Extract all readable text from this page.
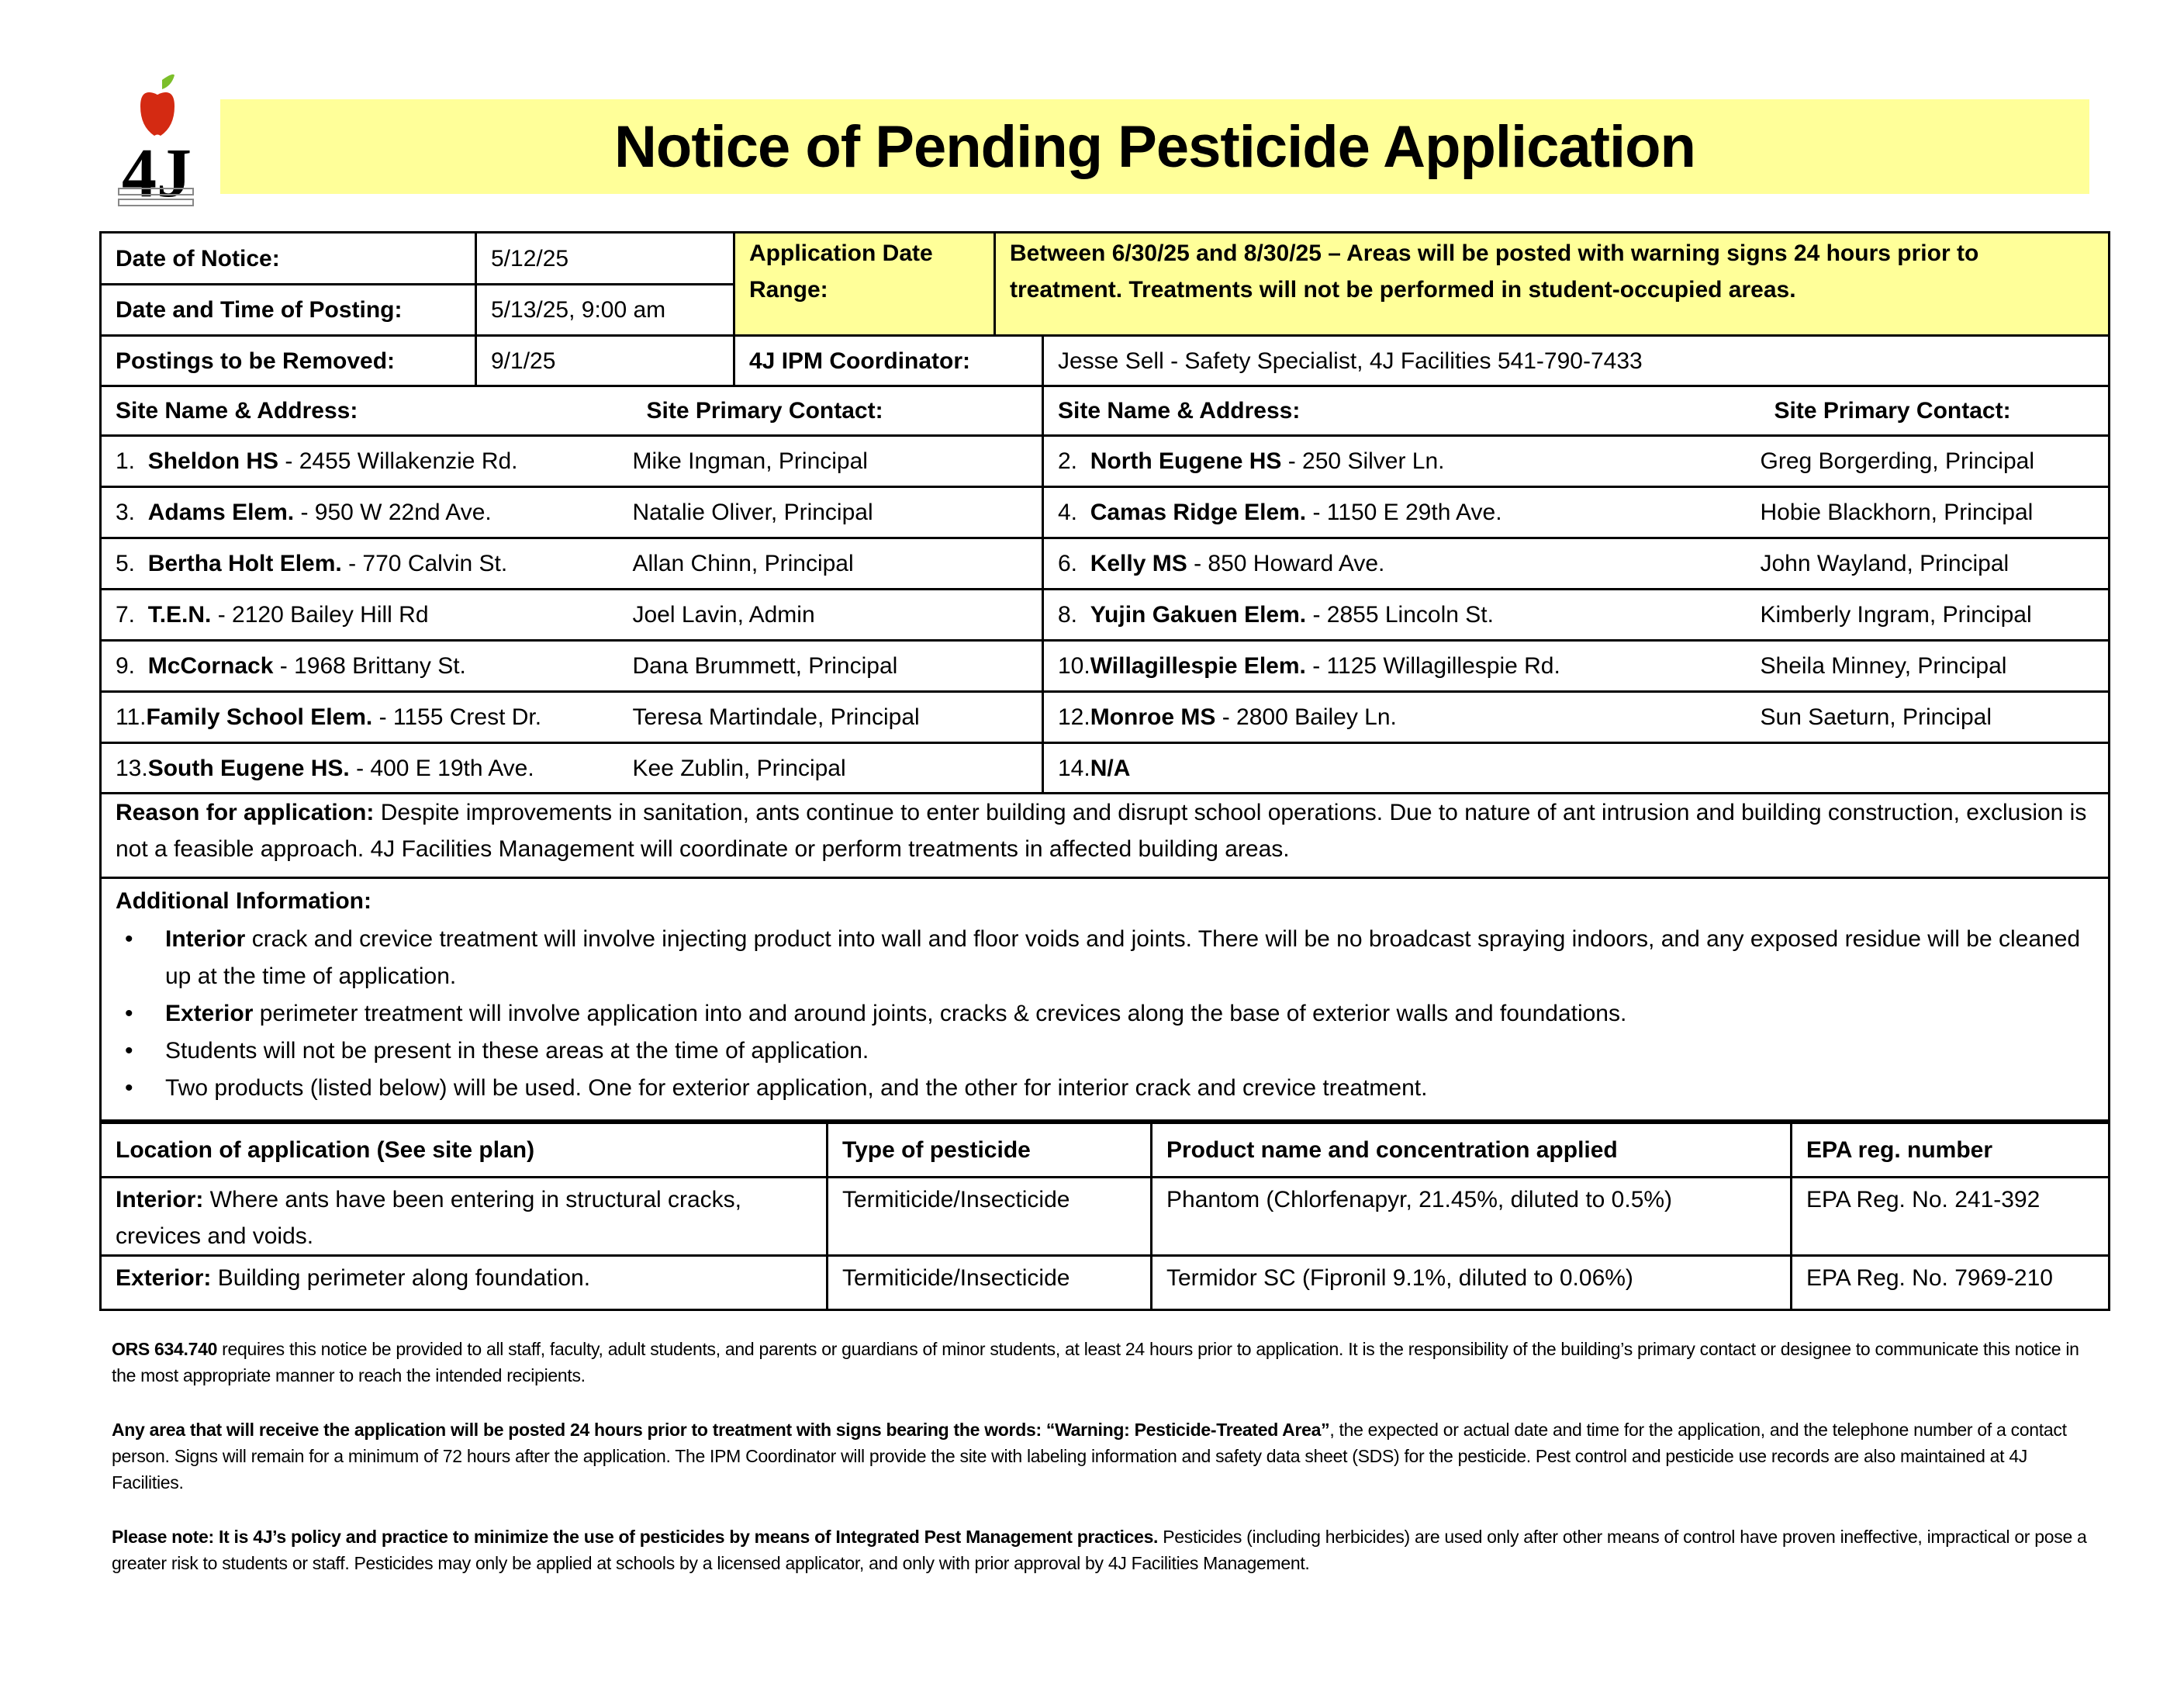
4J	Notice of Pending Pesticide Application
Date of Notice:	5/12/25	Application Date Range:	Between 6/30/25 and 8/30/25 – Areas will be posted with warning signs 24 hours prior to treatment. Treatments will not be performed in student-occupied areas.
Date and Time of Posting:	5/13/25, 9:00 am		
Postings to be Removed:	9/1/25	4J IPM Coordinator:	Jesse Sell - Safety Specialist, 4J Facilities 541-790-7433
Site Name & Address:	Site Primary Contact:	Site Name & Address:	Site Primary Contact:
1.  Sheldon HS - 2455 Willakenzie Rd.	Mike Ingman, Principal	2.  North Eugene HS - 250 Silver Ln.	Greg Borgerding, Principal
3.  Adams Elem. - 950 W 22nd Ave.	Natalie Oliver, Principal	4.  Camas Ridge Elem. - 1150 E 29th Ave.	Hobie Blackhorn, Principal
5.  Bertha Holt Elem. - 770 Calvin St.	Allan Chinn, Principal	6.  Kelly MS - 850 Howard Ave.	John Wayland, Principal
7.  T.E.N. - 2120 Bailey Hill Rd	Joel Lavin, Admin	8.  Yujin Gakuen Elem. - 2855 Lincoln St.	Kimberly Ingram, Principal
9.  McCornack - 1968 Brittany St.	Dana Brummett, Principal	10.Willagillespie Elem. - 1125 Willagillespie Rd.	Sheila Minney, Principal
11.Family School Elem. - 1155 Crest Dr.	Teresa Martindale, Principal	12.Monroe MS - 2800 Bailey Ln.	Sun Saeturn, Principal
13.South Eugene HS. - 400 E 19th Ave.	Kee Zublin, Principal	14.N/A	
Reason for application: Despite improvements in sanitation, ants continue to enter building and disrupt school operations. Due to nature of ant intrusion and building construction, exclusion is not a feasible approach. 4J Facilities Management will coordinate or perform treatments in affected building areas.
Additional Information:
• Interior crack and crevice treatment will involve injecting product into wall and floor voids and joints. There will be no broadcast spraying indoors, and any exposed residue will be cleaned up at the time of application.
• Exterior perimeter treatment will involve application into and around joints, cracks & crevices along the base of exterior walls and foundations.
• Students will not be present in these areas at the time of application.
• Two products (listed below) will be used. One for exterior application, and the other for interior crack and crevice treatment.
Location of application (See site plan)	Type of pesticide	Product name and concentration applied	EPA reg. number
Interior: Where ants have been entering in structural cracks, crevices and voids.	Termiticide/Insecticide	Phantom (Chlorfenapyr, 21.45%, diluted to 0.5%)	EPA Reg. No. 241-392
Exterior: Building perimeter along foundation.	Termiticide/Insecticide	Termidor SC (Fipronil 9.1%, diluted to 0.06%)	EPA Reg. No. 7969-210

ORS 634.740 requires this notice be provided to all staff, faculty, adult students, and parents or guardians of minor students, at least 24 hours prior to application. It is the responsibility of the building’s primary contact or designee to communicate this notice in the most appropriate manner to reach the intended recipients.

Any area that will receive the application will be posted 24 hours prior to treatment with signs bearing the words: “Warning: Pesticide-Treated Area”, the expected or actual date and time for the application, and the telephone number of a contact person. Signs will remain for a minimum of 72 hours after the application. The IPM Coordinator will provide the site with labeling information and safety data sheet (SDS) for the pesticide. Pest control and pesticide use records are also maintained at 4J Facilities.

Please note: It is 4J’s policy and practice to minimize the use of pesticides by means of Integrated Pest Management practices. Pesticides (including herbicides) are used only after other means of control have proven ineffective, impractical or pose a greater risk to students or staff. Pesticides may only be applied at schools by a licensed applicator, and only with prior approval by 4J Facilities Management.
